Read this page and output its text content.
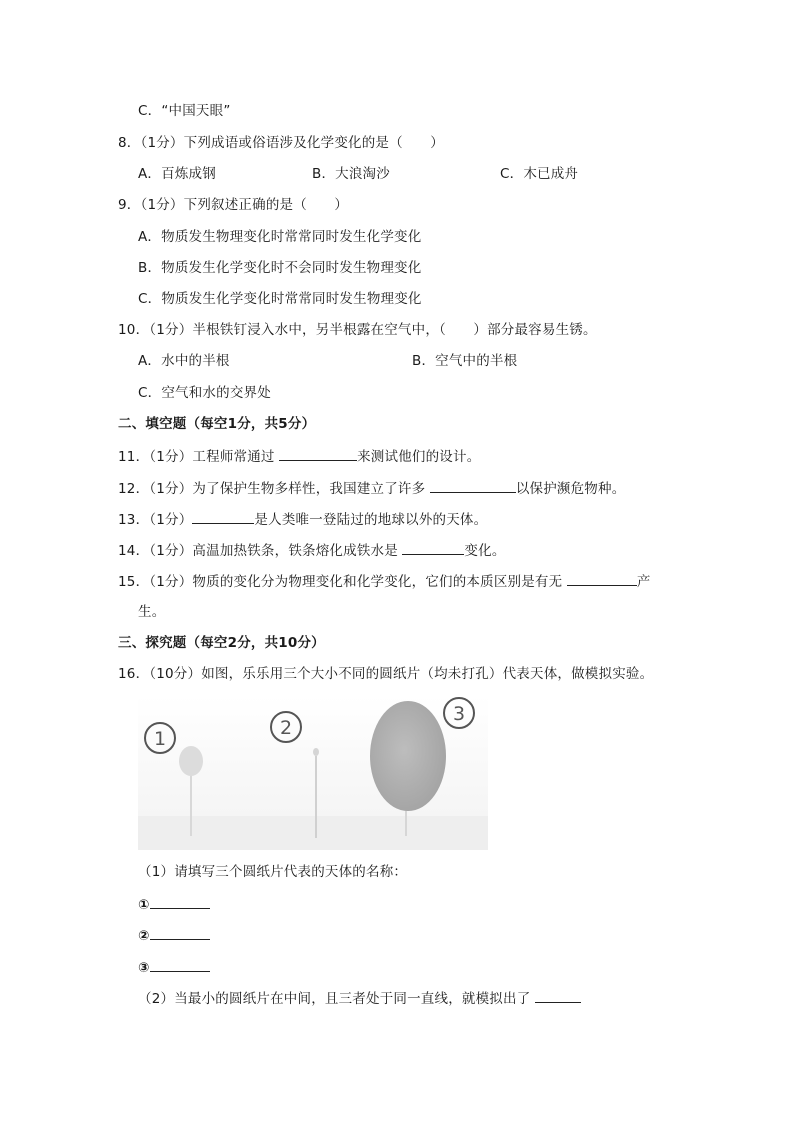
C．“中国天眼”
8．（1分）下列成语或俗语涉及化学变化的是（　　）
A．百炼成钢	B．大浪淘沙	C．木已成舟
9．（1分）下列叙述正确的是（　　）
A．物质发生物理变化时常常同时发生化学变化
B．物质发生化学变化时不会同时发生物理变化
C．物质发生化学变化时常常同时发生物理变化
10．（1分）半根铁钉浸入水中，另半根露在空气中，（　　）部分最容易生锈。
A．水中的半根	B．空气中的半根
C．空气和水的交界处
二、填空题（每空1分，共5分）
11．（1分）工程师常通过	来测试他们的设计。
12．（1分）为了保护生物多样性，我国建立了许多	以保护濒危物种。
13．（1分）	是人类唯一登陆过的地球以外的天体。
14．（1分）高温加热铁条，铁条熔化成铁水是	变化。
15．（1分）物质的变化分为物理变化和化学变化，它们的本质区别是有无	产
生。
三、探究题（每空2分，共10分）
16．（10分）如图，乐乐用三个大小不同的圆纸片（均未打孔）代表天体，做模拟实验。
1	2
3
（1）请填写三个圆纸片代表的天体的名称：
①
②
③
（2）当最小的圆纸片在中间，且三者处于同一直线，就模拟出了
